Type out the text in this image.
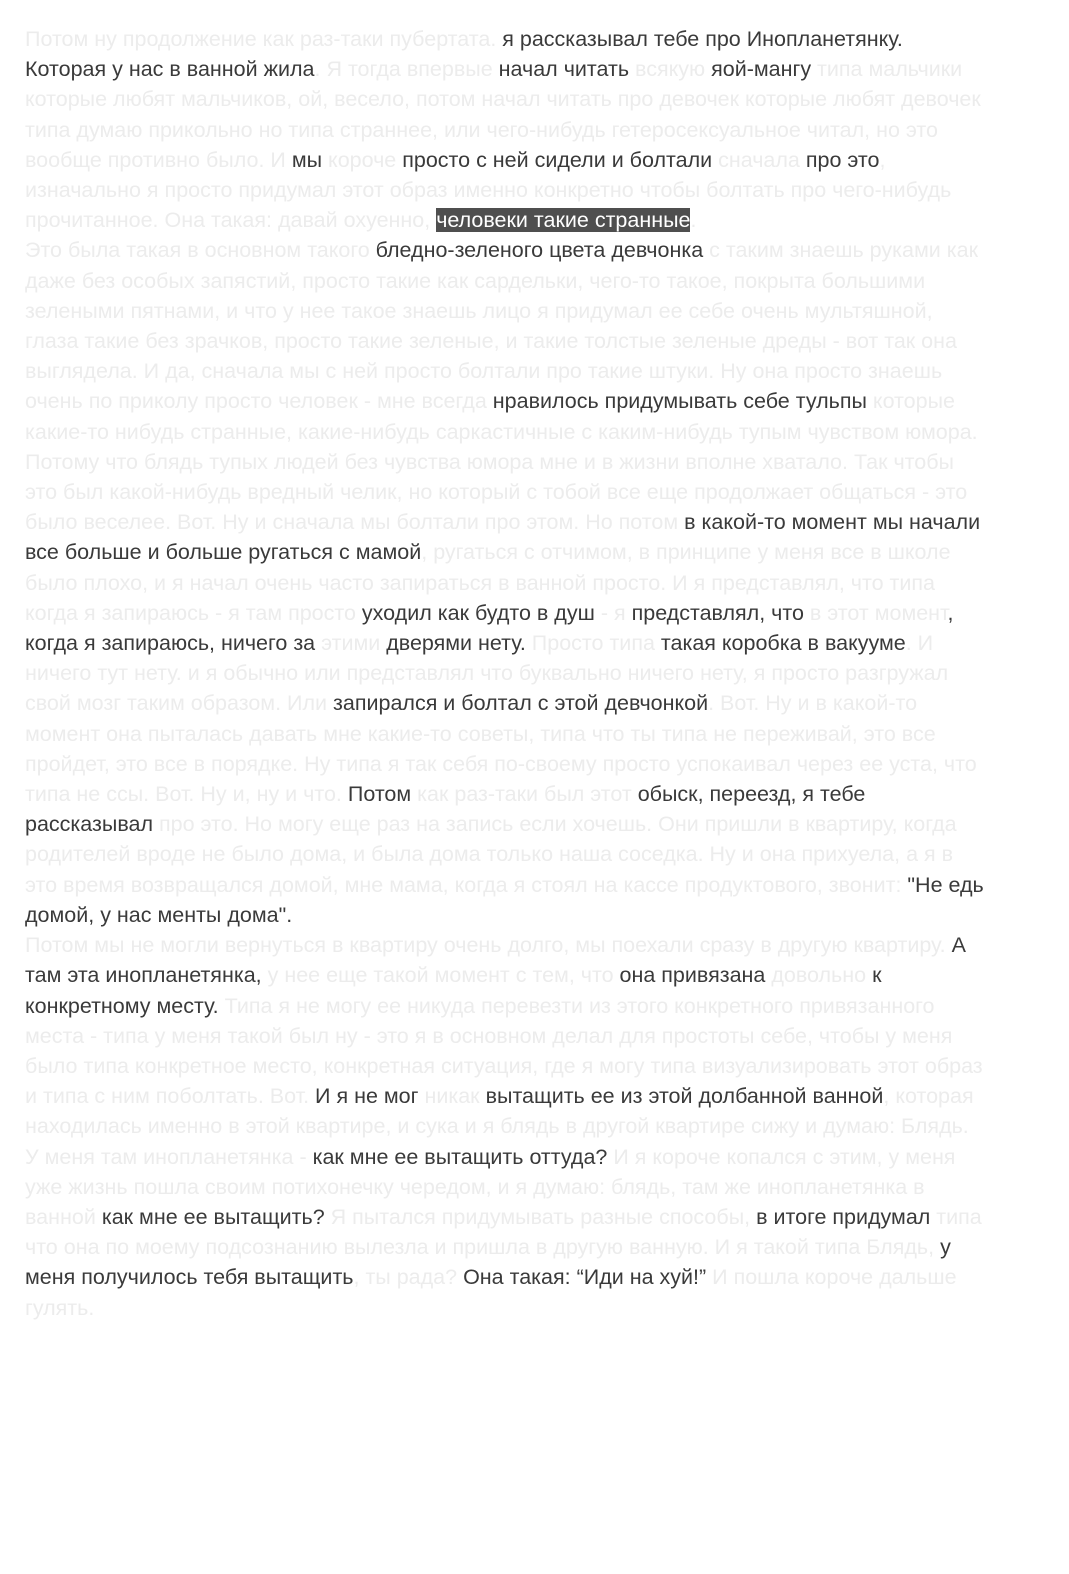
Потом ну продолжение как раз-таки пубертата. я рассказывал тебе про Инопланетянку. Которая у нас в ванной жила. Я тогда впервые начал читать всякую яой-мангу типа мальчики которые любят мальчиков, ой, весело, потом начал читать про девочек которые любят девочек типа думаю прикольно но типа страннее, или чего-нибудь гетеросексуальное читал, но это вообще противно было. И мы короче просто с ней сидели и болтали сначала про это, изначально я просто придумал этот образ именно конкретно чтобы болтать про чего-нибудь прочитанное. Она такая: давай охуенно, человеки такие странные.

Это была такая в основном такого бледно-зеленого цвета девчонка с таким знаешь руками как даже без особых запястий, просто такие как сардельки, чего-то такое, покрыта большими зелеными пятнами, и что у нее такое знаешь лицо я придумал ее себе очень мультяшной, глаза такие без зрачков, просто такие зеленые, и такие толстые зеленые дреды - вот так она выглядела. И да, сначала мы с ней просто болтали про такие штуки. Ну она просто знаешь очень по приколу просто человек - мне всегда нравилось придумывать себе тульпы которые какие-то нибудь странные, какие-нибудь саркастичные с каким-нибудь тупым чувством юмора. Потому что блядь тупых людей без чувства юмора мне и в жизни вполне хватало. Так чтобы это был какой-нибудь вредный челик, но который с тобой все еще продолжает общаться - это было веселее. Вот. Ну и сначала мы болтали про этом. Но потом в какой-то момент мы начали все больше и больше ругаться с мамой, ругаться с отчимом, в принципе у меня все в школе было плохо, и я начал очень часто запираться в ванной просто. И я представлял, что типа когда я запираюсь - я там просто уходил как будто в душ - я представлял, что в этот момент, когда я запираюсь, ничего за этими дверями нету. Просто типа такая коробка в вакууме. И ничего тут нету. и я обычно или представлял что буквально ничего нету, я просто разгружал свой мозг таким образом. Или запирался и болтал с этой девчонкой. Вот. Ну и в какой-то момент она пыталась давать мне какие-то советы, типа что ты типа не переживай, это все пройдет, это все в порядке. Ну типа я так себя по-своему просто успокаивал через ее уста, что типа не ссы. Вот. Ну и, ну и что. Потом как раз-таки был этот обыск, переезд, я тебе рассказывал про это. Но могу еще раз на запись если хочешь. Они пришли в квартиру, когда родителей вроде не было дома, и была дома только наша соседка. Ну и она прихуела, а я в это время возвращался домой, мне мама, когда я стоял на кассе продуктового, звонит: "Не едь домой, у нас менты дома".

Потом мы не могли вернуться в квартиру очень долго, мы поехали сразу в другую квартиру. А там эта инопланетянка, у нее еще такой момент с тем, что она привязана довольно к конкретному месту. Типа я не могу ее никуда перевезти из этого конкретного привязанного места - типа у меня такой был ну - это я в основном делал для простоты себе, чтобы у меня было типа конкретное место, конкретная ситуация, где я могу типа визуализировать этот образ и типа с ним поболтать. Вот. И я не мог никак вытащить ее из этой долбанной ванной, которая находилась именно в этой квартире, и сука и я блядь в другой квартире сижу и думаю: Блядь. У меня там инопланетянка - как мне ее вытащить оттуда? И я короче копался с этим, у меня уже жизнь пошла своим потихонечку чередом, и я думаю: блядь, там же инопланетянка в ванной как мне ее вытащить? Я пытался придумывать разные способы, в итоге придумал типа что она по моему подсознанию вылезла и пришла в другую ванную. И я такой типа Блядь, у меня получилось тебя вытащить, ты рада? Она такая: “Иди на хуй!” И пошла короче дальше гулять.
